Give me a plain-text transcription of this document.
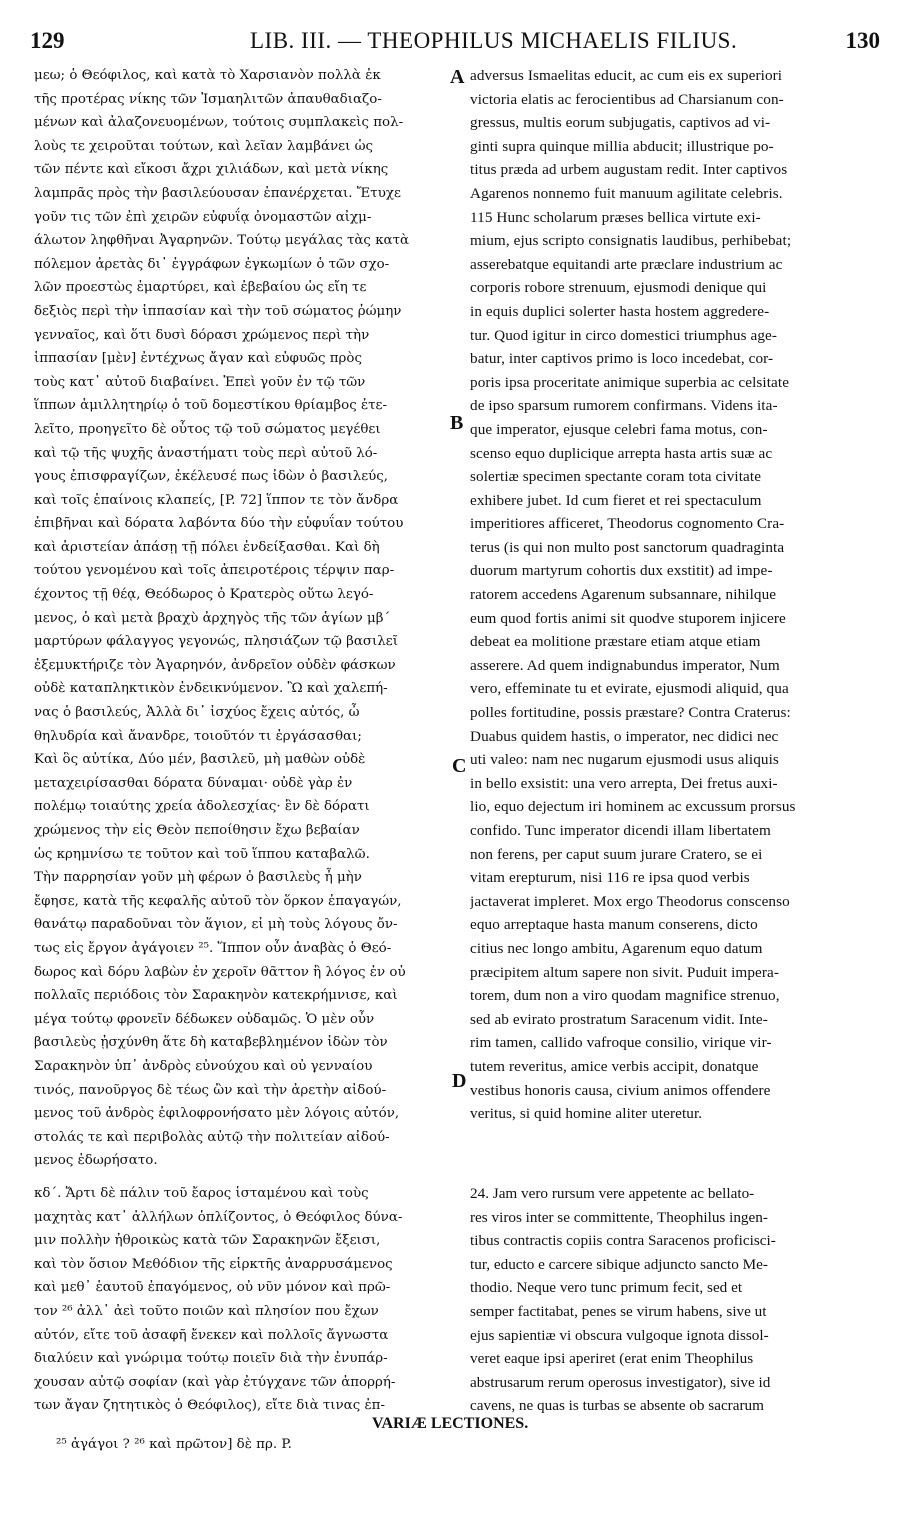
129	LIB. III. — THEOPHILUS MICHAELIS FILIUS.	130
μεω; ὁ Θεόφιλος, καὶ κατὰ τὸ Χαρσιανὸν πολλὰ ἐκ
τῆς προτέρας νίκης τῶν Ἰσμαηλιτῶν ἀπαυθαδιαζο-
μένων καὶ ἀλαζονευομένων, τούτοις συμπλακεὶς πολ-
λοὺς τε χειροῦται τούτων, καὶ λεῖαν λαμβάνει ὡς
τῶν πέντε καὶ εἴκοσι ἄχρι χιλιάδων, καὶ μετὰ νίκης
λαμπρᾶς πρὸς τὴν βασιλεύουσαν ἐπανέρχεται. Ἔτυχε
γοῦν τις τῶν ἐπὶ χειρῶν εὐφυΐᾳ ὀνομαστῶν αἰχμ-
άλωτον ληφθῆναι Ἀγαρηνῶν. Τούτῳ μεγάλας τὰς κατὰ
πόλεμον ἀρετὰς δι᾽ ἐγγράφων ἐγκωμίων ὁ τῶν σχο-
λῶν προεστὼς ἐμαρτύρει, καὶ ἐβεβαίου ὡς εἴη τε
δεξιὸς περὶ τὴν ἱππασίαν καὶ τὴν τοῦ σώματος ῥώμην
γενναῖος, καὶ ὅτι δυσὶ δόρασι χρώμενος περὶ τὴν
ἱππασίαν [μὲν] ἐντέχνως ἄγαν καὶ εὐφυῶς πρὸς
τοὺς κατ᾽ αὐτοῦ διαβαίνει. Ἐπεὶ γοῦν ἐν τῷ τῶν
ἵππων ἁμιλλητηρίῳ ὁ τοῦ δομεστίκου θρίαμβος ἐτε-
λεῖτο, προηγεῖτο δὲ οὗτος τῷ τοῦ σώματος μεγέθει
καὶ τῷ τῆς ψυχῆς ἀναστήματι τοὺς περὶ αὐτοῦ λό-
γους ἐπισφραγίζων, ἐκέλευσέ πως ἰδὼν ὁ βασιλεύς,
καὶ τοῖς ἐπαίνοις κλαπείς, [P. 72] ἵππον τε τὸν ἄνδρα
ἐπιβῆναι καὶ δόρατα λαβόντα δύο τὴν εὐφυΐαν τούτου
καὶ ἀριστείαν ἁπάσῃ τῇ πόλει ἐνδείξασθαι. Καὶ δὴ
τούτου γενομένου καὶ τοῖς ἀπειροτέροις τέρψιν παρ-
έχοντος τῇ θέᾳ, Θεόδωρος ὁ Κρατερὸς οὕτω λεγό-
μενος, ὁ καὶ μετὰ βραχὺ ἀρχηγὸς τῆς τῶν ἁγίων μβ΄
μαρτύρων φάλαγγος γεγονώς, πλησιάζων τῷ βασιλεῖ
ἐξεμυκτήριζε τὸν Ἀγαρηνόν, ἀνδρεῖον οὐδὲν φάσκων
οὐδὲ καταπληκτικὸν ἐνδεικνύμενον. Ὢ καὶ χαλεπή-
νας ὁ βασιλεύς, Ἀλλὰ δι᾽ ἰσχύος ἔχεις αὐτός, ὦ
θηλυδρία καὶ ἄνανδρε, τοιοῦτόν τι ἐργάσασθαι;
Καὶ ὃς αὐτίκα, Δύο μέν, βασιλεῦ, μὴ μαθὼν οὐδὲ
μεταχειρίσασθαι δόρατα δύναμαι· οὐδὲ γὰρ ἐν
πολέμῳ τοιαύτης χρεία ἀδολεσχίας· ἓν δὲ δόρατι
χρώμενος τὴν εἰς Θεὸν πεποίθησιν ἔχω βεβαίαν
ὡς κρημνίσω τε τοῦτον καὶ τοῦ ἵππου καταβαλῶ.
Τὴν παρρησίαν γοῦν μὴ φέρων ὁ βασιλεὺς ἦ μὴν
ἔφησε, κατὰ τῆς κεφαλῆς αὐτοῦ τὸν ὅρκον ἐπαγαγών,
θανάτῳ παραδοῦναι τὸν ἅγιον, εἰ μὴ τοὺς λόγους ὄν-
τως εἰς ἔργον ἀγάγοιεν ²⁵. Ἵππον οὖν ἀναβὰς ὁ Θεό-
δωρος καὶ δόρυ λαβὼν ἐν χεροῖν θᾶττον ἢ λόγος ἐν οὐ
πολλαῖς περιόδοις τὸν Σαρακηνὸν κατεκρήμνισε, καὶ
μέγα τούτῳ φρονεῖν δέδωκεν οὐδαμῶς. Ὁ μὲν οὖν
βασιλεὺς ᾐσχύνθη ἅτε δὴ καταβεβλημένον ἰδὼν τὸν
Σαρακηνὸν ὑπ᾽ ἀνδρὸς εὐνούχου καὶ οὐ γενναίου
τινός, πανοῦργος δὲ τέως ὢν καὶ τὴν ἀρετὴν αἰδού-
μενος τοῦ ἀνδρὸς ἐφιλοφρονήσατο μὲν λόγοις αὐτόν,
στολάς τε καὶ περιβολὰς αὐτῷ τὴν πολιτείαν αἰδού-
μενος ἐδωρήσατο.
adversus Ismaelitas educit, ac cum eis ex superiori
victoria elatis ac ferocientibus ad Charsianum con-
gressus, multis eorum subjugatis, captivos ad vi-
ginti supra quinque millia abducit; illustrique po-
titus præda ad urbem augustam redit. Inter captivos
Agarenos nonnemo fuit manuum agilitate celebris.
115 Hunc scholarum præses bellica virtute exi-
mium, ejus scripto consignatis laudibus, perhibebat;
asserebatque equitandi arte præclare industrium ac
corporis robore strenuum, ejusmodi denique qui
in equis duplici solerter hasta hostem aggredere-
tur. Quod igitur in circo domestici triumphus age-
batur, inter captivos primo is loco incedebat, cor-
poris ipsa proceritate animique superbia ac celsitate
de ipso sparsum rumorem confirmans. Videns ita-
que imperator, ejusque celebri fama motus, con-
scenso equo duplicique arrepta hasta artis suæ ac
solertiæ specimen spectante coram tota civitate
exhibere jubet. Id cum fieret et rei spectaculum
imperitiores afficeret, Theodorus cognomento Cra-
terus (is qui non multo post sanctorum quadraginta
duorum martyrum cohortis dux exstitit) ad impe-
ratorem accedens Agarenum subsannare, nihilque
eum quod fortis animi sit quodve stuporem injicere
debeat ea molitione præstare etiam atque etiam
asserere. Ad quem indignabundus imperator, Num
vero, effeminate tu et evirate, ejusmodi aliquid, qua
polles fortitudine, possis præstare? Contra Craterus:
Duabus quidem hastis, o imperator, nec didici nec
uti valeo: nam nec nugarum ejusmodi usus aliquis
in bello exsistit: una vero arrepta, Dei fretus auxi-
lio, equo dejectum iri hominem ac excussum prorsus
confido. Tunc imperator dicendi illam libertatem
non ferens, per caput suum jurare Cratero, se ei
vitam erepturum, nisi 116 re ipsa quod verbis
jactaverat impleret. Mox ergo Theodorus conscenso
equo arreptaque hasta manum conserens, dicto
citius nec longo ambitu, Agarenum equo datum
præcipitem altum sapere non sivit. Puduit impera-
torem, dum non a viro quodam magnifice strenuo,
sed ab evirato prostratum Saracenum vidit. Inte-
rim tamen, callido vafroque consilio, virique vir-
tutem reveritus, amice verbis accipit, donatque
vestibus honoris causa, civium animos offendere
veritus, si quid homine aliter uteretur.
A
B
C
D
κδ΄. Ἄρτι δὲ πάλιν τοῦ ἔαρος ἱσταμένου καὶ τοὺς
μαχητὰς κατ᾽ ἀλλήλων ὁπλίζοντος, ὁ Θεόφιλος δύνα-
μιν πολλὴν ἠθροικὼς κατὰ τῶν Σαρακηνῶν ἔξεισι,
καὶ τὸν ὅσιον Μεθόδιον τῆς εἱρκτῆς ἀναρρυσάμενος
καὶ μεθ᾽ ἑαυτοῦ ἐπαγόμενος, οὐ νῦν μόνον καὶ πρῶ-
τον ²⁶ ἀλλ᾽ ἀεὶ τοῦτο ποιῶν καὶ πλησίον που ἔχων
αὐτόν, εἴτε τοῦ ἀσαφῆ ἔνεκεν καὶ πολλοῖς ἄγνωστα
διαλύειν καὶ γνώριμα τούτῳ ποιεῖν διὰ τὴν ἐνυπάρ-
χουσαν αὐτῷ σοφίαν (καὶ γὰρ ἐτύγχανε τῶν ἀπορρή-
των ἄγαν ζητητικὸς ὁ Θεόφιλος), εἴτε διὰ τινας ἐπ-
24. Jam vero rursum vere appetente ac bellato-
res viros inter se committente, Theophilus ingen-
tibus contractis copiis contra Saracenos proficisci-
tur, educto e carcere sibique adjuncto sancto Me-
thodio. Neque vero tunc primum fecit, sed et
semper factitabat, penes se virum habens, sive ut
ejus sapientiæ vi obscura vulgoque ignota dissol-
veret eaque ipsi aperiret (erat enim Theophilus
abstrusarum rerum operosus investigator), sive id
cavens, ne quas is turbas se absente ob sacrarum
VARIÆ LECTIONES.
²⁵ ἀγάγοι ? ²⁶ καὶ πρῶτον] δὲ πρ. P.
